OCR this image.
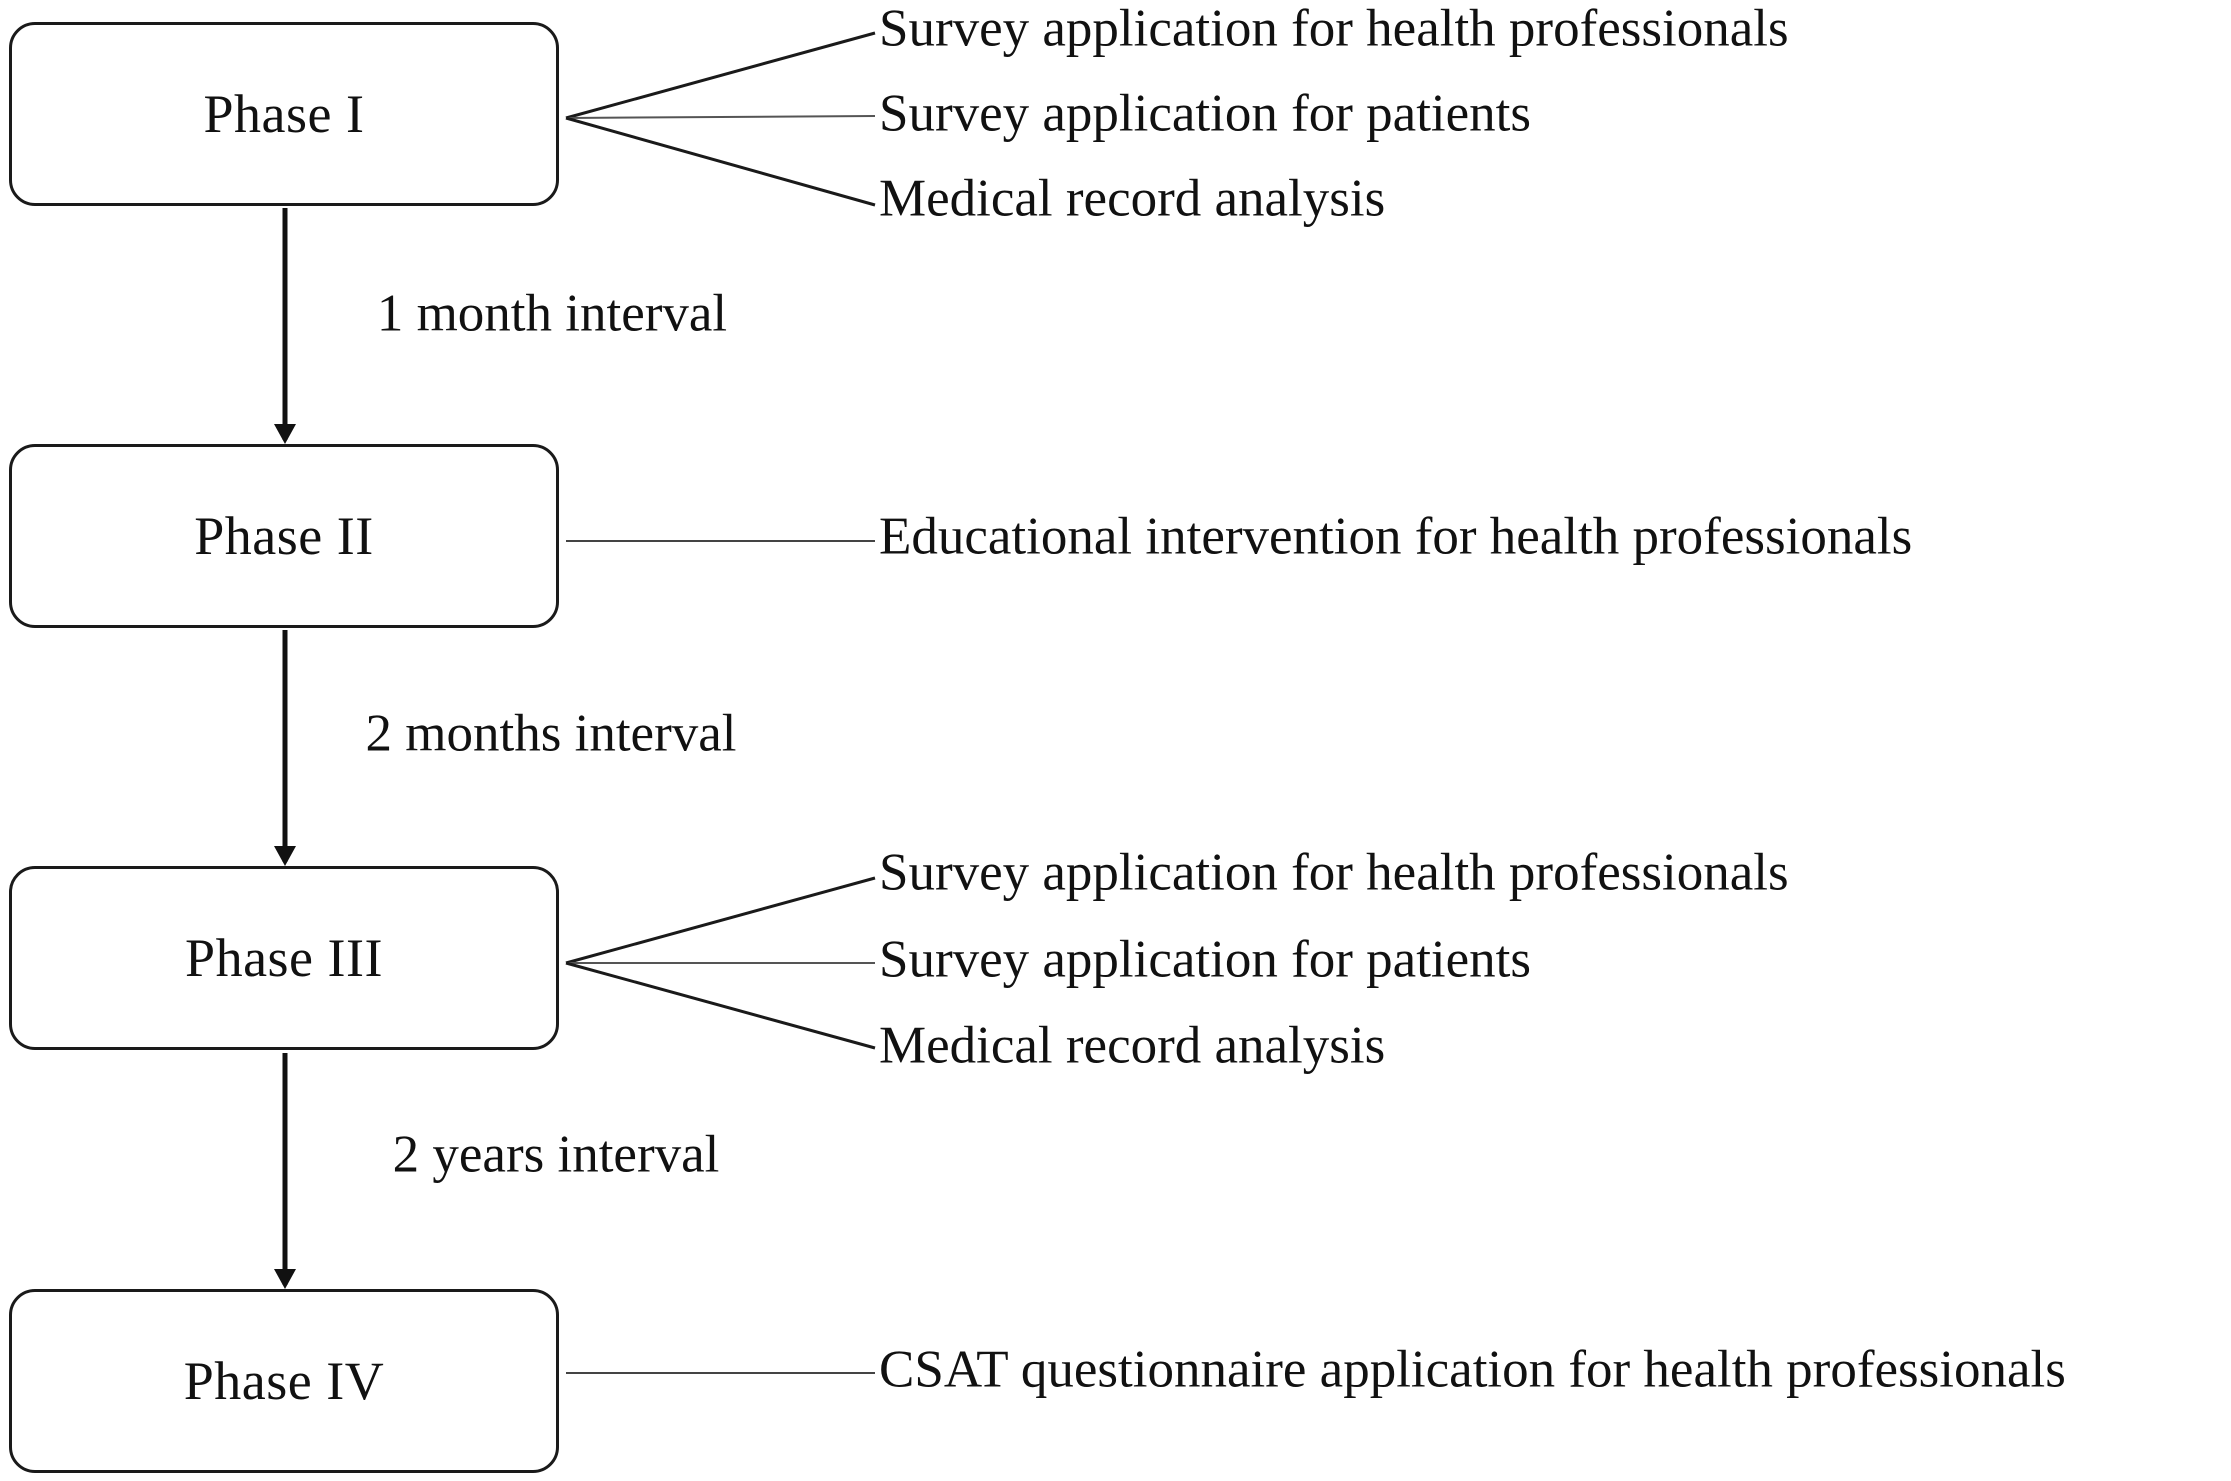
Phase I
Phase II
Phase III
Phase IV
1 month interval
2 months interval
2 years interval
Survey application for health professionals
Survey application for patients
Medical record analysis
Educational intervention for health professionals
Survey application for health professionals
Survey application for patients
Medical record analysis
CSAT questionnaire application for health professionals
